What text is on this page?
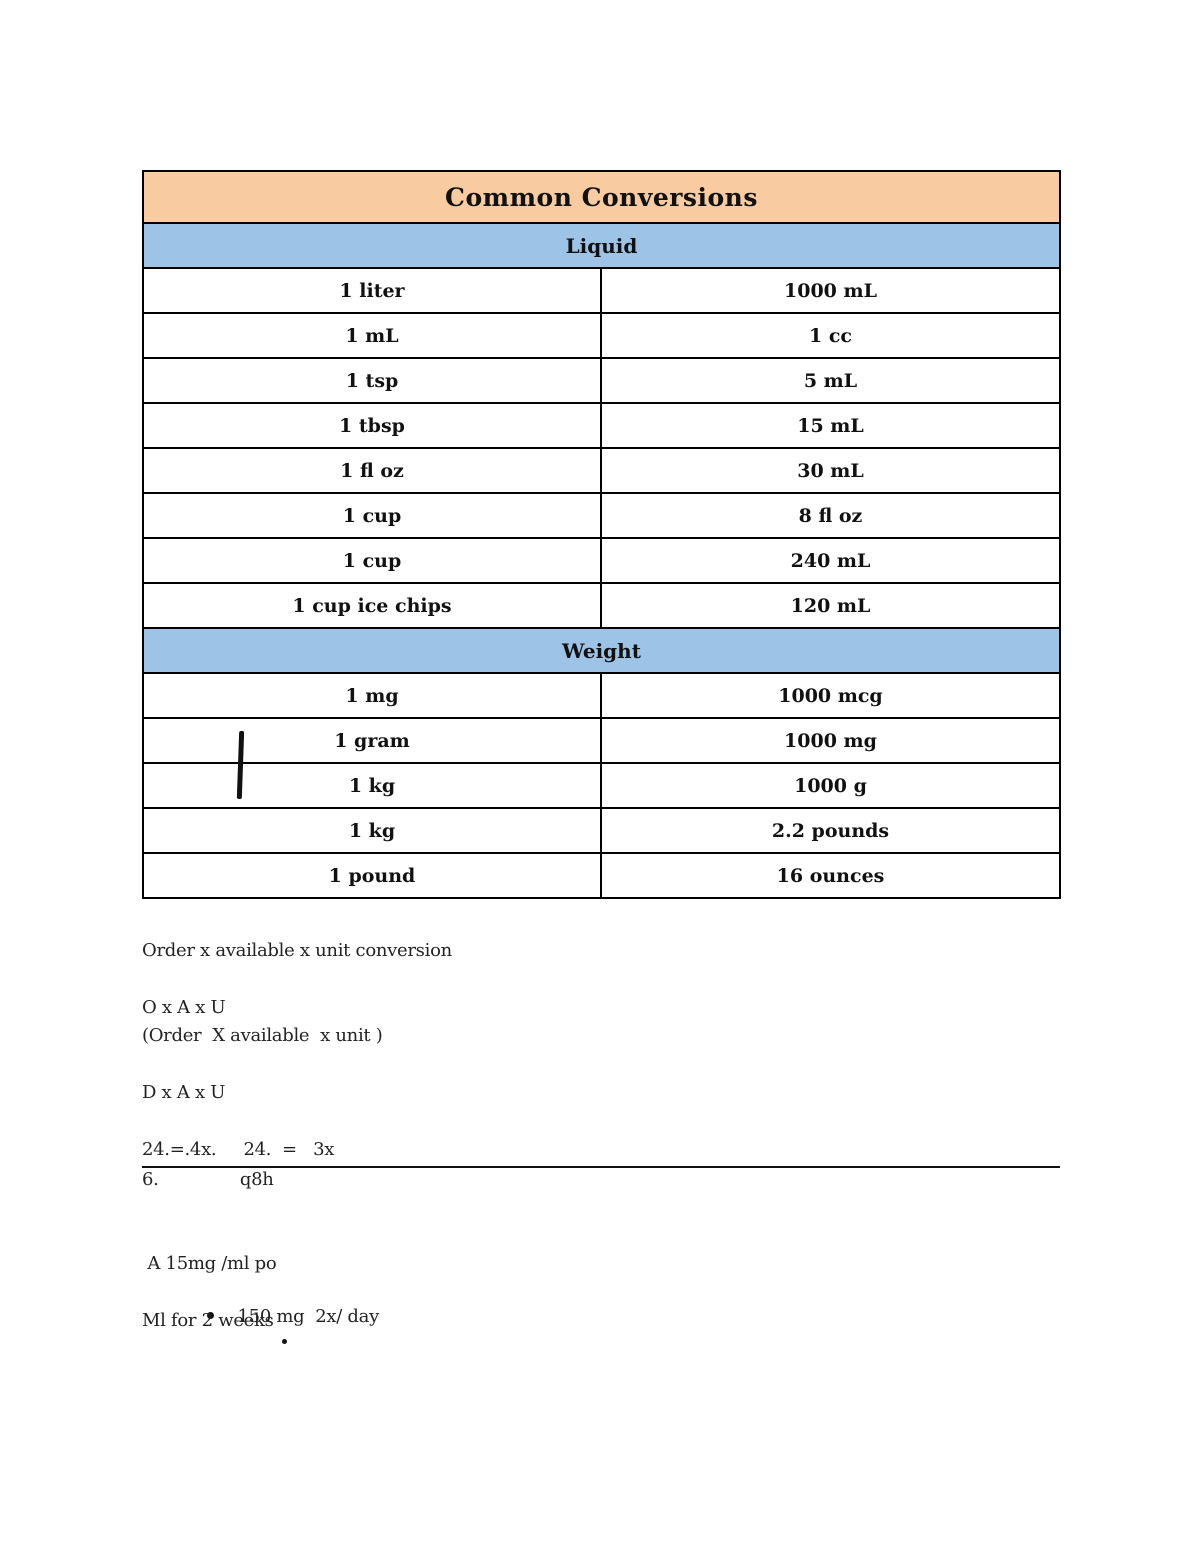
Common Conversions	
Liquid	
1 liter	1000 mL
1 mL	1 cc
1 tsp	5 mL
1 tbsp	15 mL
1 fl oz	30 mL
1 cup	8 fl oz
1 cup	240 mL
1 cup ice chips	120 mL
Weight	
1 mg	1000 mcg
1 gram	1000 mg
1 kg	1000 g
1 kg	2.2 pounds
1 pound	16 ounces
Order x available x unit conversion
O x A x U
(Order  X available  x unit )
D x A x U
24.=.4x.     24.  =   3x
6.               q8h
A 15mg /ml po

150 mg  2x/ day

Ml for 2 weeks
